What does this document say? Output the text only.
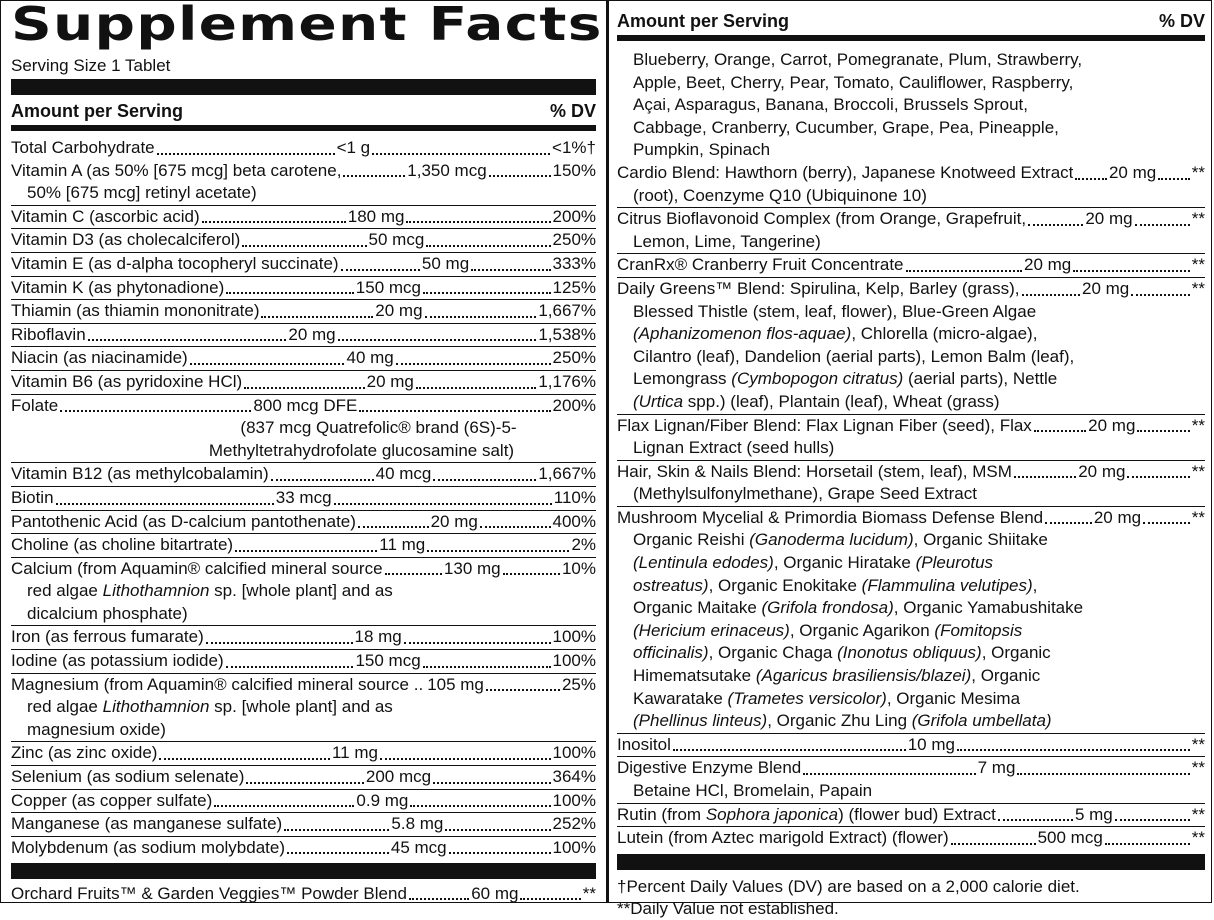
Supplement Facts
Serving Size 1 Tablet
Amount per Serving	% DV
Total Carbohydrate	<1 g	<1%†
Vitamin A (as 50% [675 mcg] beta carotene,	1,350 mcg	150%
50% [675 mcg] retinyl acetate)
Vitamin C (ascorbic acid)	180 mg	200%
Vitamin D3 (as cholecalciferol)	50 mcg	250%
Vitamin E (as d-alpha tocopheryl succinate)	50 mg	333%
Vitamin K (as phytonadione)	150 mcg	125%
Thiamin (as thiamin mononitrate)	20 mg	1,667%
Riboflavin	20 mg	1,538%
Niacin (as niacinamide)	40 mg	250%
Vitamin B6 (as pyridoxine HCl)	20 mg	1,176%
Folate	800 mcg DFE	200%
(837 mcg Quatrefolic® brand (6S)-5-
Methyltetrahydrofolate glucosamine salt)
Vitamin B12 (as methylcobalamin)	40 mcg	1,667%
Biotin	33 mcg	110%
Pantothenic Acid (as D-calcium pantothenate)	20 mg	400%
Choline (as choline bitartrate)	11 mg	2%
Calcium (from Aquamin® calcified mineral source	130 mg	10%
red algae Lithothamnion sp. [whole plant] and as
dicalcium phosphate)
Iron (as ferrous fumarate)	18 mg	100%
Iodine (as potassium iodide)	150 mcg	100%
Magnesium (from Aquamin® calcified mineral source .. 105 mg	25%
red algae Lithothamnion sp. [whole plant] and as
magnesium oxide)
Zinc (as zinc oxide)	11 mg	100%
Selenium (as sodium selenate)	200 mcg	364%
Copper (as copper sulfate)	0.9 mg	100%
Manganese (as manganese sulfate)	5.8 mg	252%
Molybdenum (as sodium molybdate)	45 mcg	100%
Orchard Fruits™ & Garden Veggies™ Powder Blend	60 mg	**
Amount per Serving	% DV
Blueberry, Orange, Carrot, Pomegranate, Plum, Strawberry,
Apple, Beet, Cherry, Pear, Tomato, Cauliflower, Raspberry,
Açai, Asparagus, Banana, Broccoli, Brussels Sprout,
Cabbage, Cranberry, Cucumber, Grape, Pea, Pineapple,
Pumpkin, Spinach
Cardio Blend: Hawthorn (berry), Japanese Knotweed Extract 20 mg **
(root), Coenzyme Q10 (Ubiquinone 10)
Citrus Bioflavonoid Complex (from Orange, Grapefruit,	20 mg	**
Lemon, Lime, Tangerine)
CranRx® Cranberry Fruit Concentrate	20 mg	**
Daily Greens™ Blend: Spirulina, Kelp, Barley (grass),	20 mg	**
Blessed Thistle (stem, leaf, flower), Blue-Green Algae
(Aphanizomenon flos-aquae), Chlorella (micro-algae),
Cilantro (leaf), Dandelion (aerial parts), Lemon Balm (leaf),
Lemongrass (Cymbopogon citratus) (aerial parts), Nettle
(Urtica spp.) (leaf), Plantain (leaf), Wheat (grass)
Flax Lignan/Fiber Blend: Flax Lignan Fiber (seed), Flax	20 mg	**
Lignan Extract (seed hulls)
Hair, Skin & Nails Blend: Horsetail (stem, leaf), MSM	20 mg	**
(Methylsulfonylmethane), Grape Seed Extract
Mushroom Mycelial & Primordia Biomass Defense Blend	20 mg	**
Organic Reishi (Ganoderma lucidum), Organic Shiitake
(Lentinula edodes), Organic Hiratake (Pleurotus
ostreatus), Organic Enokitake (Flammulina velutipes),
Organic Maitake (Grifola frondosa), Organic Yamabushitake
(Hericium erinaceus), Organic Agarikon (Fomitopsis
officinalis), Organic Chaga (Inonotus obliquus), Organic
Himematsutake (Agaricus brasiliensis/blazei), Organic
Kawaratake (Trametes versicolor), Organic Mesima
(Phellinus linteus), Organic Zhu Ling (Grifola umbellata)
Inositol	10 mg	**
Digestive Enzyme Blend	7 mg	**
Betaine HCl, Bromelain, Papain
Rutin (from Sophora japonica) (flower bud) Extract	5 mg	**
Lutein (from Aztec marigold Extract) (flower)	500 mcg	**
†Percent Daily Values (DV) are based on a 2,000 calorie diet.
**Daily Value not established.
